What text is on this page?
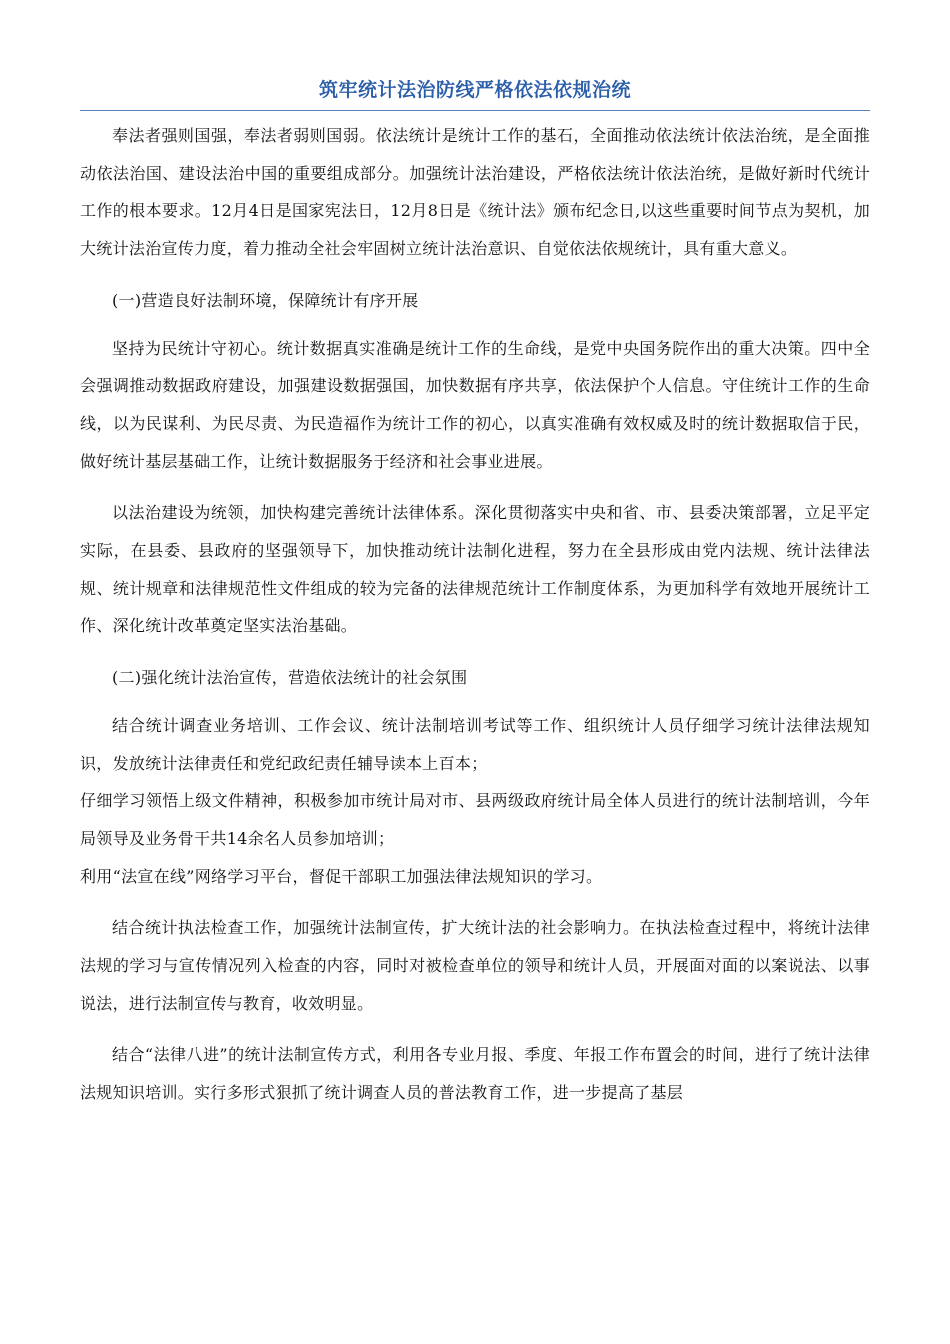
筑牢统计法治防线严格依法依规治统

奉法者强则国强，奉法者弱则国弱。依法统计是统计工作的基石，全面推动依法统计依法治统，是全面推动依法治国、建设法治中国的重要组成部分。加强统计法治建设，严格依法统计依法治统，是做好新时代统计工作的根本要求。12月4日是国家宪法日，12月8日是《统计法》颁布纪念日,以这些重要时间节点为契机，加大统计法治宣传力度，着力推动全社会牢固树立统计法治意识、自觉依法依规统计，具有重大意义。

(一)营造良好法制环境，保障统计有序开展

坚持为民统计守初心。统计数据真实准确是统计工作的生命线，是党中央国务院作出的重大决策。四中全会强调推动数据政府建设，加强建设数据强国，加快数据有序共享，依法保护个人信息。守住统计工作的生命线，以为民谋利、为民尽责、为民造福作为统计工作的初心，以真实准确有效权威及时的统计数据取信于民，做好统计基层基础工作，让统计数据服务于经济和社会事业进展。

以法治建设为统领，加快构建完善统计法律体系。深化贯彻落实中央和省、市、县委决策部署，立足平定实际，在县委、县政府的坚强领导下，加快推动统计法制化进程，努力在全县形成由党内法规、统计法律法规、统计规章和法律规范性文件组成的较为完备的法律规范统计工作制度体系，为更加科学有效地开展统计工作、深化统计改革奠定坚实法治基础。

(二)强化统计法治宣传，营造依法统计的社会氛围

结合统计调查业务培训、工作会议、统计法制培训考试等工作、组织统计人员仔细学习统计法律法规知识，发放统计法律责任和党纪政纪责任辅导读本上百本；

仔细学习领悟上级文件精神，积极参加市统计局对市、县两级政府统计局全体人员进行的统计法制培训，今年局领导及业务骨干共14余名人员参加培训；

利用“法宣在线”网络学习平台，督促干部职工加强法律法规知识的学习。

结合统计执法检查工作，加强统计法制宣传，扩大统计法的社会影响力。在执法检查过程中，将统计法律法规的学习与宣传情况列入检查的内容，同时对被检查单位的领导和统计人员，开展面对面的以案说法、以事说法，进行法制宣传与教育，收效明显。

结合“法律八进”的统计法制宣传方式，利用各专业月报、季度、年报工作布置会的时间，进行了统计法律法规知识培训。实行多形式狠抓了统计调查人员的普法教育工作，进一步提高了基层
